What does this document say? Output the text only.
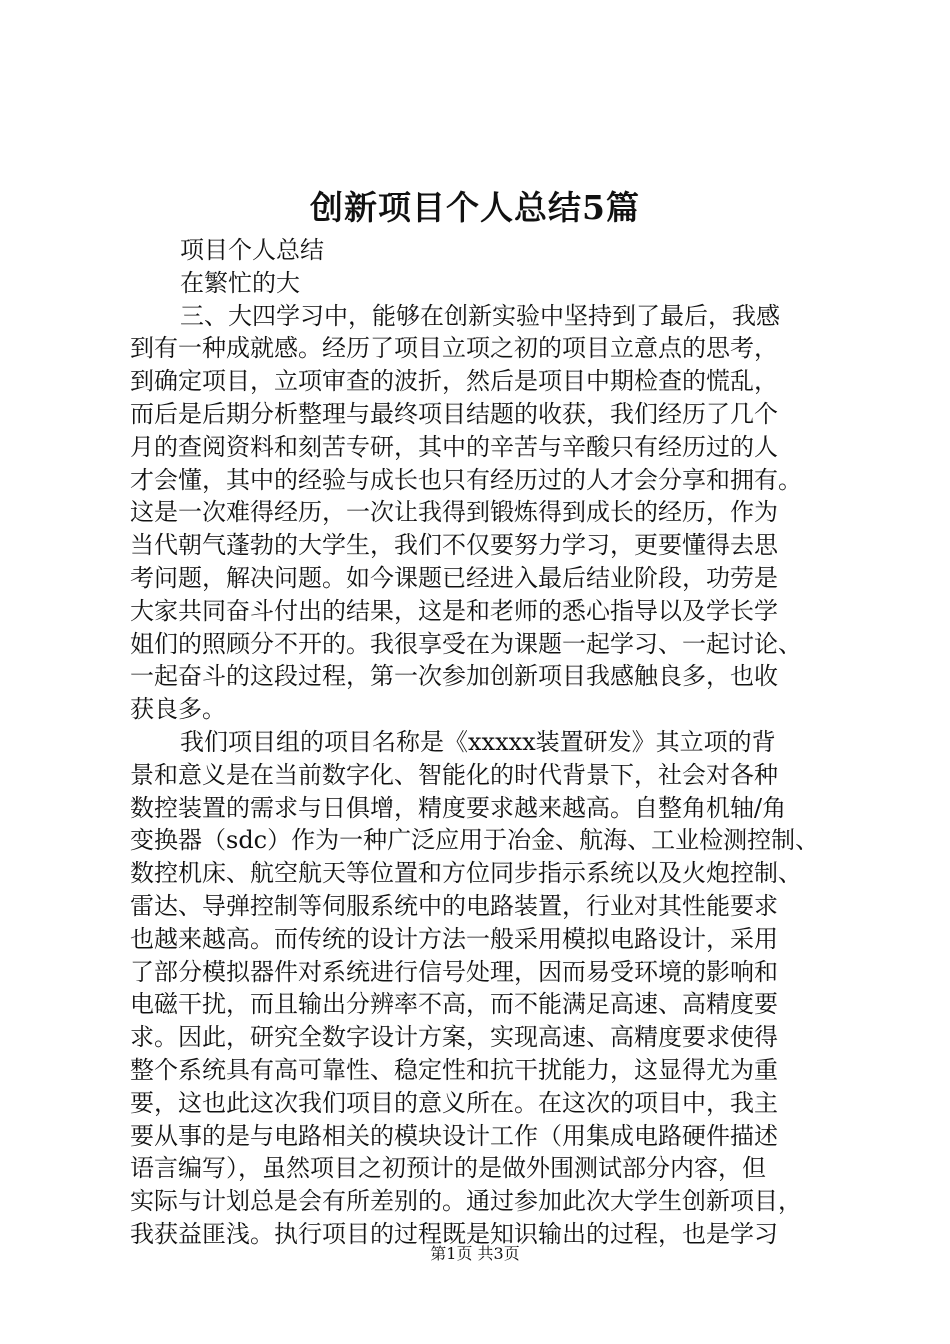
创新项目个人总结5篇
项目个人总结
在繁忙的大
三、大四学习中，能够在创新实验中坚持到了最后，我感
到有一种成就感。经历了项目立项之初的项目立意点的思考，
到确定项目，立项审查的波折，然后是项目中期检查的慌乱，
而后是后期分析整理与最终项目结题的收获，我们经历了几个
月的查阅资料和刻苦专研，其中的辛苦与辛酸只有经历过的人
才会懂，其中的经验与成长也只有经历过的人才会分享和拥有。
这是一次难得经历，一次让我得到锻炼得到成长的经历，作为
当代朝气蓬勃的大学生，我们不仅要努力学习，更要懂得去思
考问题，解决问题。如今课题已经进入最后结业阶段，功劳是
大家共同奋斗付出的结果，这是和老师的悉心指导以及学长学
姐们的照顾分不开的。我很享受在为课题一起学习、一起讨论、
一起奋斗的这段过程，第一次参加创新项目我感触良多，也收
获良多。
我们项目组的项目名称是《xxxxx装置研发》其立项的背
景和意义是在当前数字化、智能化的时代背景下，社会对各种
数控装置的需求与日俱增，精度要求越来越高。自整角机轴/角
变换器（sdc）作为一种广泛应用于冶金、航海、工业检测控制、
数控机床、航空航天等位置和方位同步指示系统以及火炮控制、
雷达、导弹控制等伺服系统中的电路装置，行业对其性能要求
也越来越高。而传统的设计方法一般采用模拟电路设计，采用
了部分模拟器件对系统进行信号处理，因而易受环境的影响和
电磁干扰，而且输出分辨率不高，而不能满足高速、高精度要
求。因此，研究全数字设计方案，实现高速、高精度要求使得
整个系统具有高可靠性、稳定性和抗干扰能力，这显得尤为重
要，这也此这次我们项目的意义所在。在这次的项目中，我主
要从事的是与电路相关的模块设计工作（用集成电路硬件描述
语言编写），虽然项目之初预计的是做外围测试部分内容，但
实际与计划总是会有所差别的。通过参加此次大学生创新项目，
我获益匪浅。执行项目的过程既是知识输出的过程，也是学习
第1页 共3页
